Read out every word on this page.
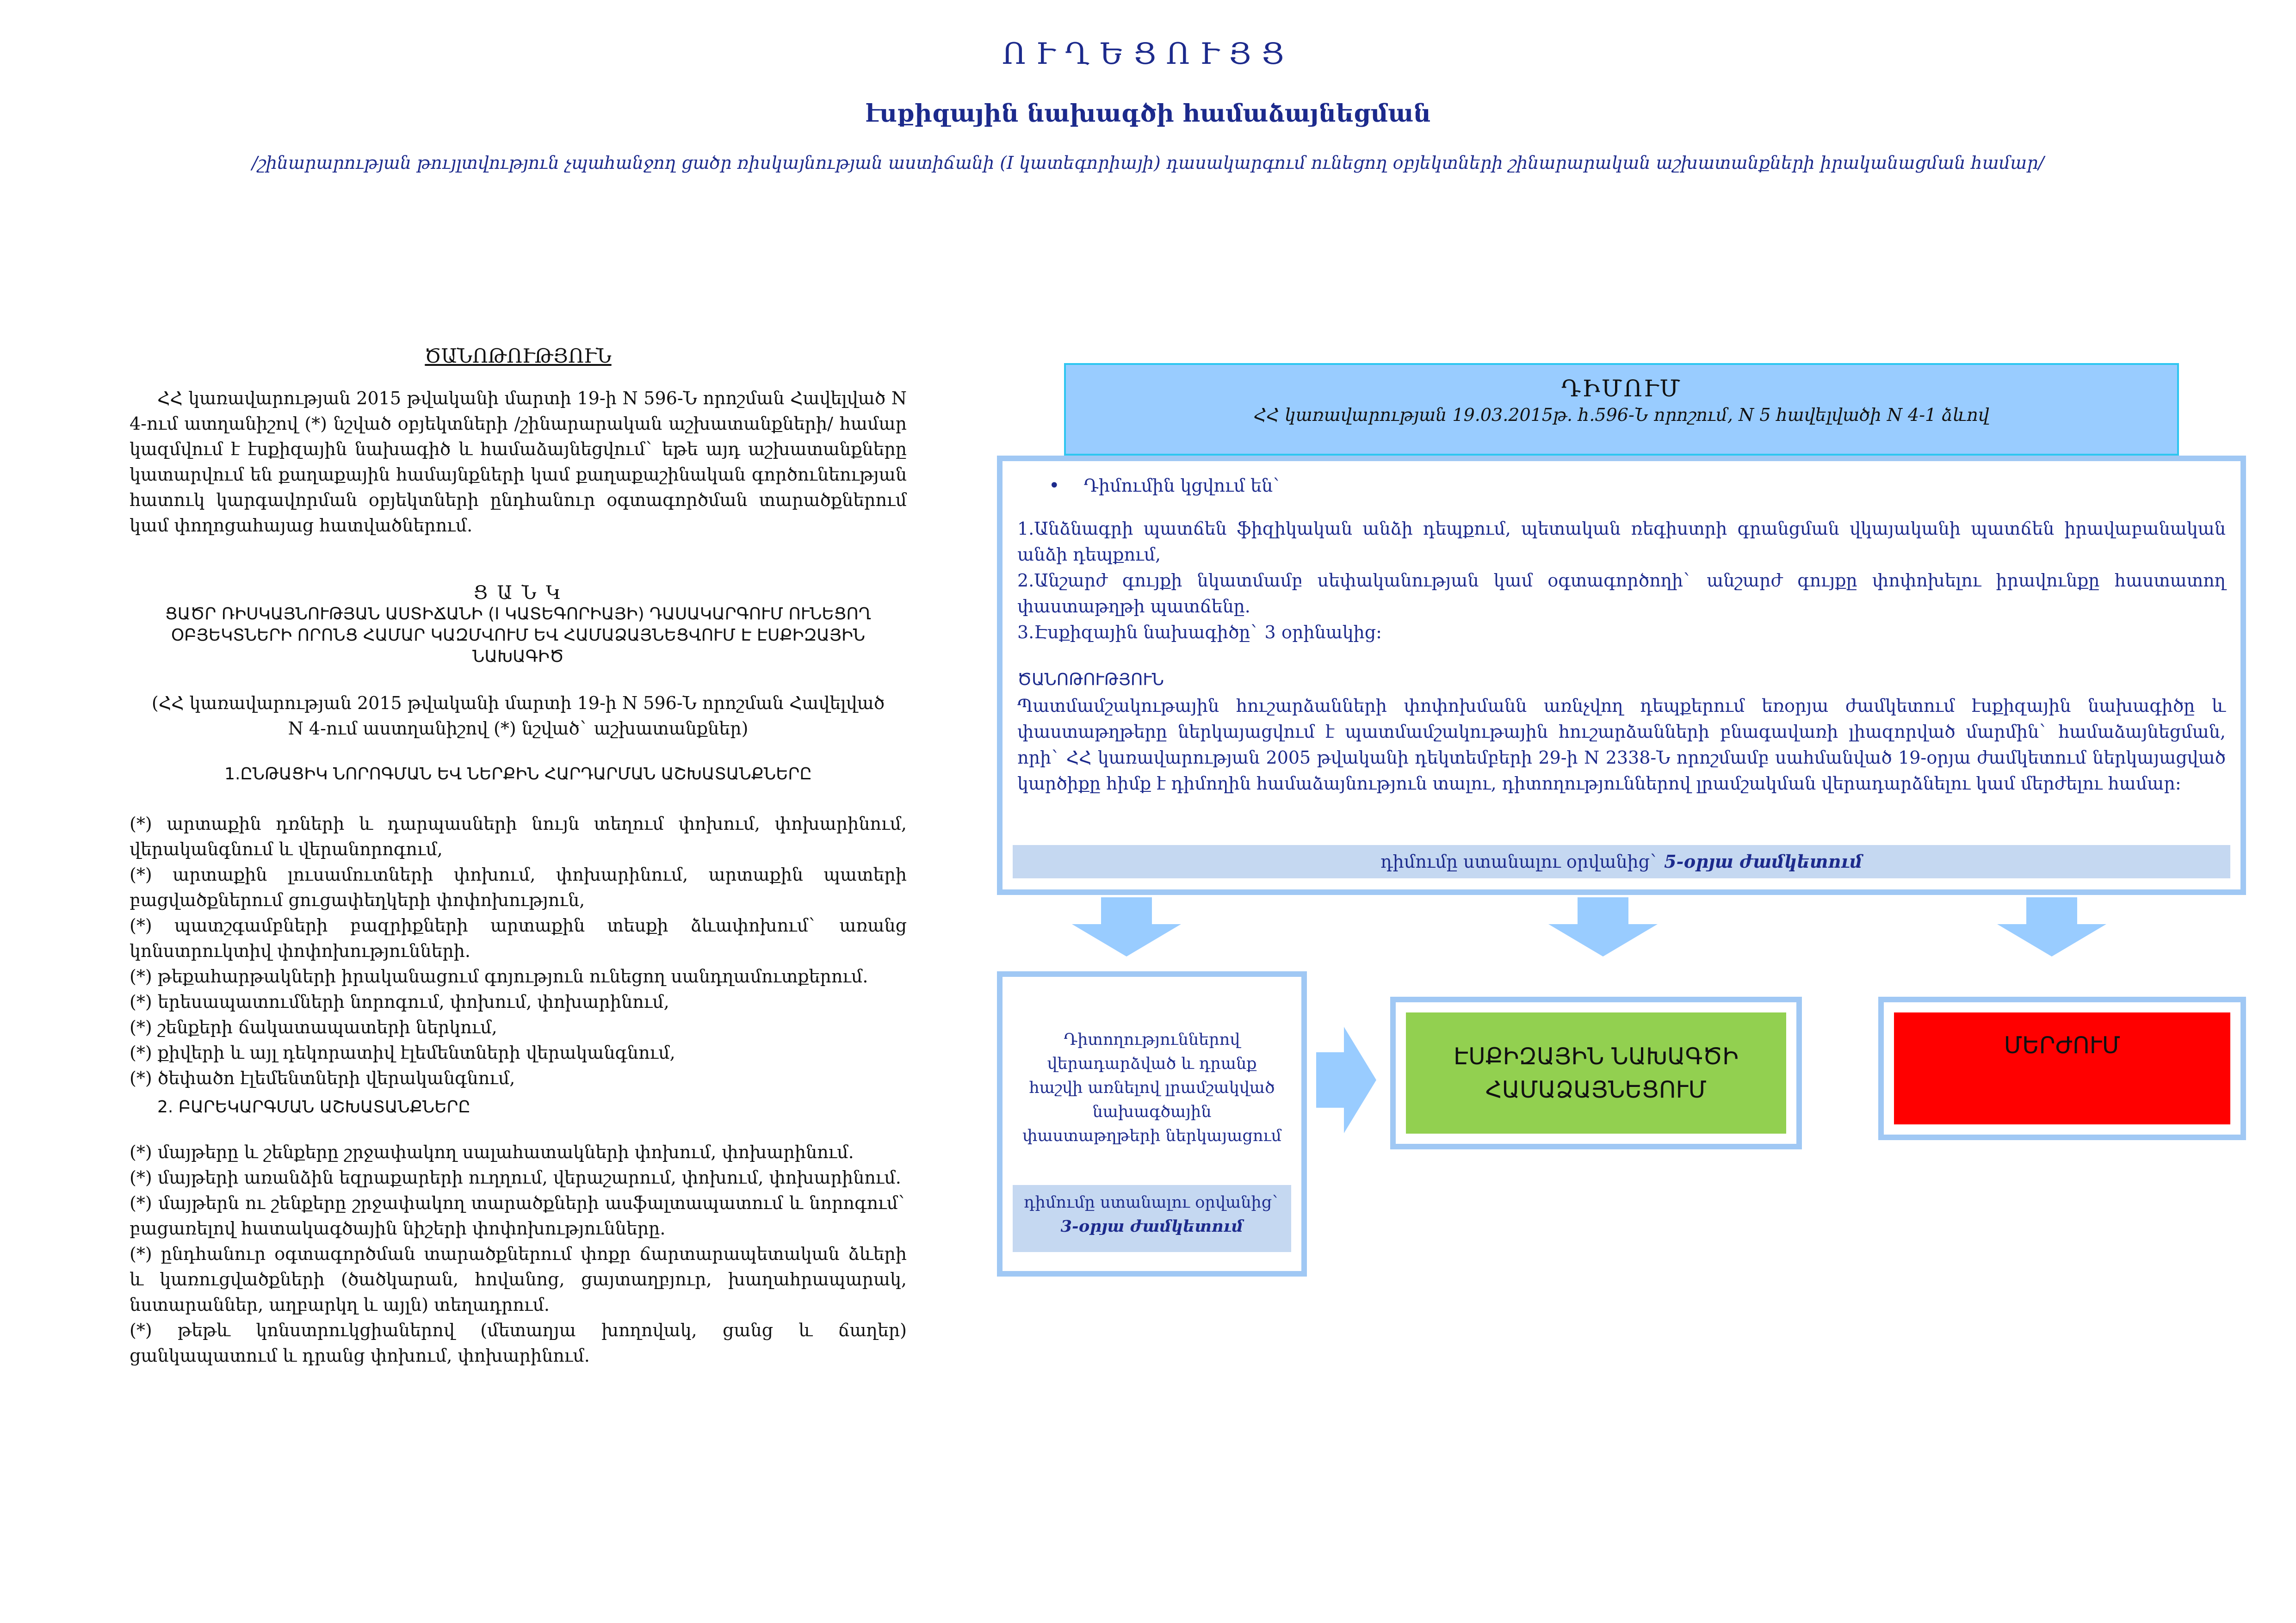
ՈՒՂԵՑՈՒՅՑ
էսքիզային նախագծի համաձայնեցման
/շինարարության թույլտվություն չպահանջող ցածր ռիսկայնության աստիճանի (I կատեգորիայի) դասակարգում ունեցող օբյեկտների շինարարական աշխատանքների իրականացման համար/

ԾԱՆՈԹՈՒԹՅՈՒՆ

ՀՀ կառավարության 2015 թվականի մարտի 19-ի N 596-Ն որոշման Հավելված N 4-ում ատղանիշով (*) նշված օբյեկտների /շինարարական աշխատանքների/ համար կազմվում է էսքիզային նախագիծ և համաձայնեցվում` եթե այդ աշխատանքները կատարվում են քաղաքային համայնքների կամ քաղաքաշինական գործունեության հատուկ կարգավորման օբյեկտների ընդհանուր օգտագործման տարածքներում կամ փողոցահայաց հատվածներում.

Ց Ա Ն Կ

ՑԱԾՐ ՌԻՍԿԱՅՆՈՒԹՅԱՆ ԱՍՏԻՃԱՆԻ (I ԿԱՏԵԳՈՐԻԱՅԻ) ԴԱՍԱԿԱՐԳՈՒՄ ՈՒՆԵՑՈՂ

ՕԲՅԵԿՏՆԵՐԻ ՈՐՈՆՑ ՀԱՄԱՐ ԿԱԶՄՎՈՒՄ ԵՎ ՀԱՄԱՁԱՅՆԵՑՎՈՒՄ Է ԷՍՔԻԶԱՅԻՆ ՆԱԽԱԳԻԾ

(ՀՀ կառավարության 2015 թվականի մարտի 19-ի N 596-Ն որոշման Հավելված N 4-ում աստղանիշով (*) նշված` աշխատանքներ)

1.ԸՆԹԱՑԻԿ ՆՈՐՈԳՄԱՆ ԵՎ ՆԵՐՔԻՆ ՀԱՐԴԱՐՄԱՆ ԱՇԽԱՏԱՆՔՆԵՐԸ

(*) արտաքին դռների և դարպասների նույն տեղում փոխում, փոխարինում, վերականգնում և վերանորոգում,

(*) արտաքին լուսամուտների փոխում, փոխարինում, արտաքին պատերի բացվածքներում ցուցափեղկերի փոփոխություն,

(*) պատշգամբների բազրիքների արտաքին տեսքի ձևափոխում` առանց կոնստրուկտիվ փոփոխությունների.

(*) թեքահարթակների իրականացում գոյություն ունեցող սանդղամուտքերում.

(*) երեսապատումների նորոգում, փոխում, փոխարինում,

(*) շենքերի ճակատապատերի ներկում,

(*) քիվերի և այլ դեկորատիվ էլեմենտների վերականգնում,

(*) ծեփածո էլեմենտների վերականգնում,

2. ԲԱՐԵԿԱՐԳՄԱՆ ԱՇԽԱՏԱՆՔՆԵՐԸ

(*) մայթերը և շենքերը շրջափակող սալահատակների փոխում, փոխարինում.

(*) մայթերի առանձին եզրաքարերի ուղղում, վերաշարում, փոխում, փոխարինում.

(*) մայթերն ու շենքերը շրջափակող տարածքների ասֆալտապատում և նորոգում` բացառելով հատակագծային նիշերի փոփոխությունները.

(*) ընդհանուր օգտագործման տարածքներում փոքր ճարտարապետական ձևերի և կառուցվածքների (ծածկարան, հովանոց, ցայտաղբյուր, խաղահրապարակ, նստարաններ, աղբարկղ և այլն) տեղադրում.

(*) թեթև կոնստրուկցիաներով (մետաղյա խողովակ, ցանց և ճաղեր) ցանկապատում և դրանց փոխում, փոխարինում.

ԴԻՄՈՒՄ
ՀՀ կառավարության 19.03.2015թ. հ.596-Ն որոշում, N 5 հավելվածի N 4-1 ձևով
• Դիմումին կցվում են`
1.Անձնագրի պատճեն ֆիզիկական անձի դեպքում, պետական ռեգիստրի գրանցման վկայականի պատճեն իրավաբանական անձի դեպքում,
2.Անշարժ գույքի նկատմամբ սեփականության կամ օգտագործողի` անշարժ գույքը փոփոխելու իրավունքը հաստատող փաստաթղթի պատճենը.
3.Էսքիզային նախագիծը` 3 օրինակից:
ԾԱՆՈԹՈՒԹՅՈՒՆ
Պատմամշակութային հուշարձանների փոփոխմանն առնչվող դեպքերում եռօրյա ժամկետում էսքիզային նախագիծը և փաստաթղթերը ներկայացվում է պատմամշակութային հուշարձանների բնագավառի լիազորված մարմին` համաձայնեցման, որի` ՀՀ կառավարության 2005 թվականի դեկտեմբերի 29-ի N 2338-Ն որոշմամբ սահմանված 19-օրյա ժամկետում ներկայացված կարծիքը հիմք է դիմողին համաձայնություն տալու, դիտողություններով լրամշակման վերադարձնելու կամ մերժելու համար:
դիմումը ստանալու օրվանից` 5-օրյա ժամկետում
Դիտողություններով վերադարձված և դրանք հաշվի առնելով լրամշակված նախագծային փաստաթղթերի ներկայացում
դիմումը ստանալու օրվանից`
3-օրյա ժամկետում
ԷՍՔԻԶԱՅԻՆ ՆԱԽԱԳԾԻ ՀԱՄԱՁԱՅՆԵՑՈՒՄ
ՄԵՐԺՈՒՄ
